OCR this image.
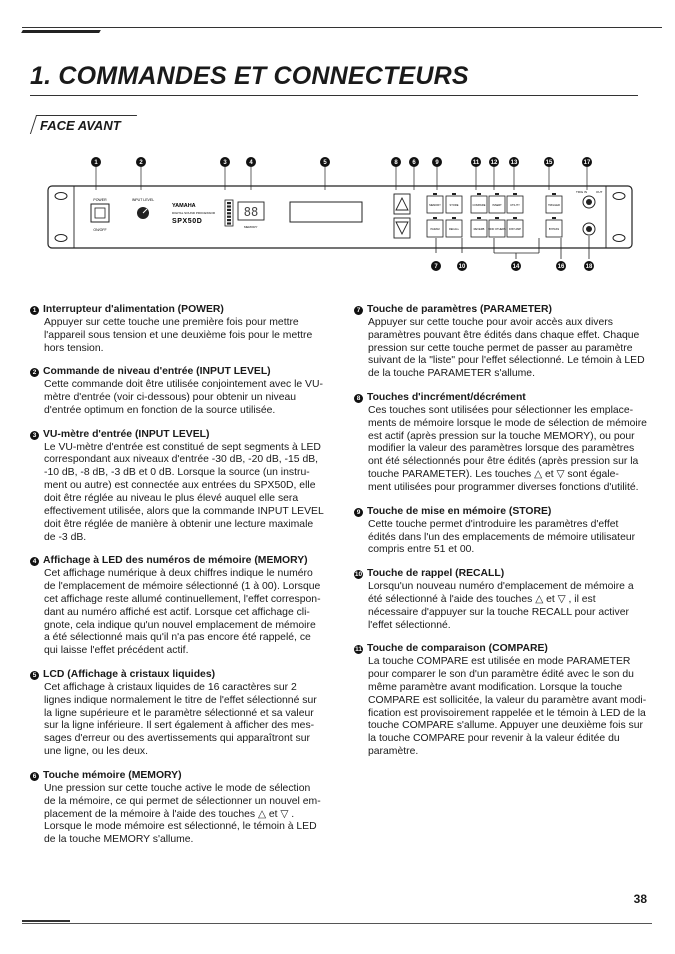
1. COMMANDES ET CONNECTEURS
FACE AVANT
1	2	3	4	5	8 6	9	11 12 13	15	17
7	10	14	16	18
POWER
ON/OFF
INPUT LEVEL
YAMAHA
DIGITAL SOUND PROCESSOR
SPX50D
88
MEMORY
MEMORY	STORE
PARAM	RECALL
COMPARE	INSERT	UTILITY
REVERB MOD OTHERS DIST AMP
TRIGGER
BYPASS
TRIG IN	OUT
1 Interrupteur d'alimentation (POWER)

Appuyer sur cette touche une première fois pour mettre
l'appareil sous tension et une deuxième fois pour le mettre
hors tension.

2 Commande de niveau d'entrée (INPUT LEVEL)

Cette commande doit être utilisée conjointement avec le VU-
mètre d'entrée (voir ci-dessous) pour obtenir un niveau
d'entrée optimum en fonction de la source utilisée.

3 VU-mètre d'entrée (INPUT LEVEL)

Le VU-mètre d'entrée est constitué de sept segments à LED
correspondant aux niveaux d'entrée -30 dB, -20 dB, -15 dB,
-10 dB, -8 dB, -3 dB et 0 dB. Lorsque la source (un instru-
ment ou autre) est connectée aux entrées du SPX50D, elle
doit être réglée au niveau le plus élevé auquel elle sera
effectivement utilisée, alors que la commande INPUT LEVEL
doit être réglée de manière à obtenir une lecture maximale
de -3 dB.

4 Affichage à LED des numéros de mémoire (MEMORY)

Cet affichage numérique à deux chiffres indique le numéro
de l'emplacement de mémoire sélectionné (1 à 00). Lorsque
cet affichage reste allumé continuellement, l'effet correspon-
dant au numéro affiché est actif. Lorsque cet affichage cli-
gnote, cela indique qu'un nouvel emplacement de mémoire
a été sélectionné mais qu'il n'a pas encore été rappelé, ce
qui laisse l'effet précédent actif.

5 LCD (Affichage à cristaux liquides)

Cet affichage à cristaux liquides de 16 caractères sur 2
lignes indique normalement le titre de l'effet sélectionné sur
la ligne supérieure et le paramètre sélectionné et sa valeur
sur la ligne inférieure. Il sert également à afficher des mes-
sages d'erreur ou des avertissements qui apparaîtront sur
une ligne, ou les deux.

6 Touche mémoire (MEMORY)

Une pression sur cette touche active le mode de sélection
de la mémoire, ce qui permet de sélectionner un nouvel em-
placement de la mémoire à l'aide des touches △ et ▽ .
Lorsque le mode mémoire est sélectionné, le témoin à LED
de la touche MEMORY s'allume.

7 Touche de paramètres (PARAMETER)

Appuyer sur cette touche pour avoir accès aux divers
paramètres pouvant être édités dans chaque effet. Chaque
pression sur cette touche permet de passer au paramètre
suivant de la "liste" pour l'effet sélectionné. Le témoin à LED
de la touche PARAMETER s'allume.

8 Touches d'incrément/décrément

Ces touches sont utilisées pour sélectionner les emplace-
ments de mémoire lorsque le mode de sélection de mémoire
est actif (après pression sur la touche MEMORY), ou pour
modifier la valeur des paramètres lorsque des paramètres
ont été sélectionnés pour être édités (après pression sur la
touche PARAMETER). Les touches △ et ▽ sont égale-
ment utilisées pour programmer diverses fonctions d'utilité.

9 Touche de mise en mémoire (STORE)

Cette touche permet d'introduire les paramètres d'effet
édités dans l'un des emplacements de mémoire utilisateur
compris entre 51 et 00.

10 Touche de rappel (RECALL)

Lorsqu'un nouveau numéro d'emplacement de mémoire a
été sélectionné à l'aide des touches △ et ▽ , il est
nécessaire d'appuyer sur la touche RECALL pour activer
l'effet sélectionné.

11 Touche de comparaison (COMPARE)

La touche COMPARE est utilisée en mode PARAMETER
pour comparer le son d'un paramètre édité avec le son du
même paramètre avant modification. Lorsque la touche
COMPARE est sollicitée, la valeur du paramètre avant modi-
fication est provisoirement rappelée et le témoin à LED de la
touche COMPARE s'allume. Appuyer une deuxième fois sur
la touche COMPARE pour revenir à la valeur éditée du
paramètre.

38
